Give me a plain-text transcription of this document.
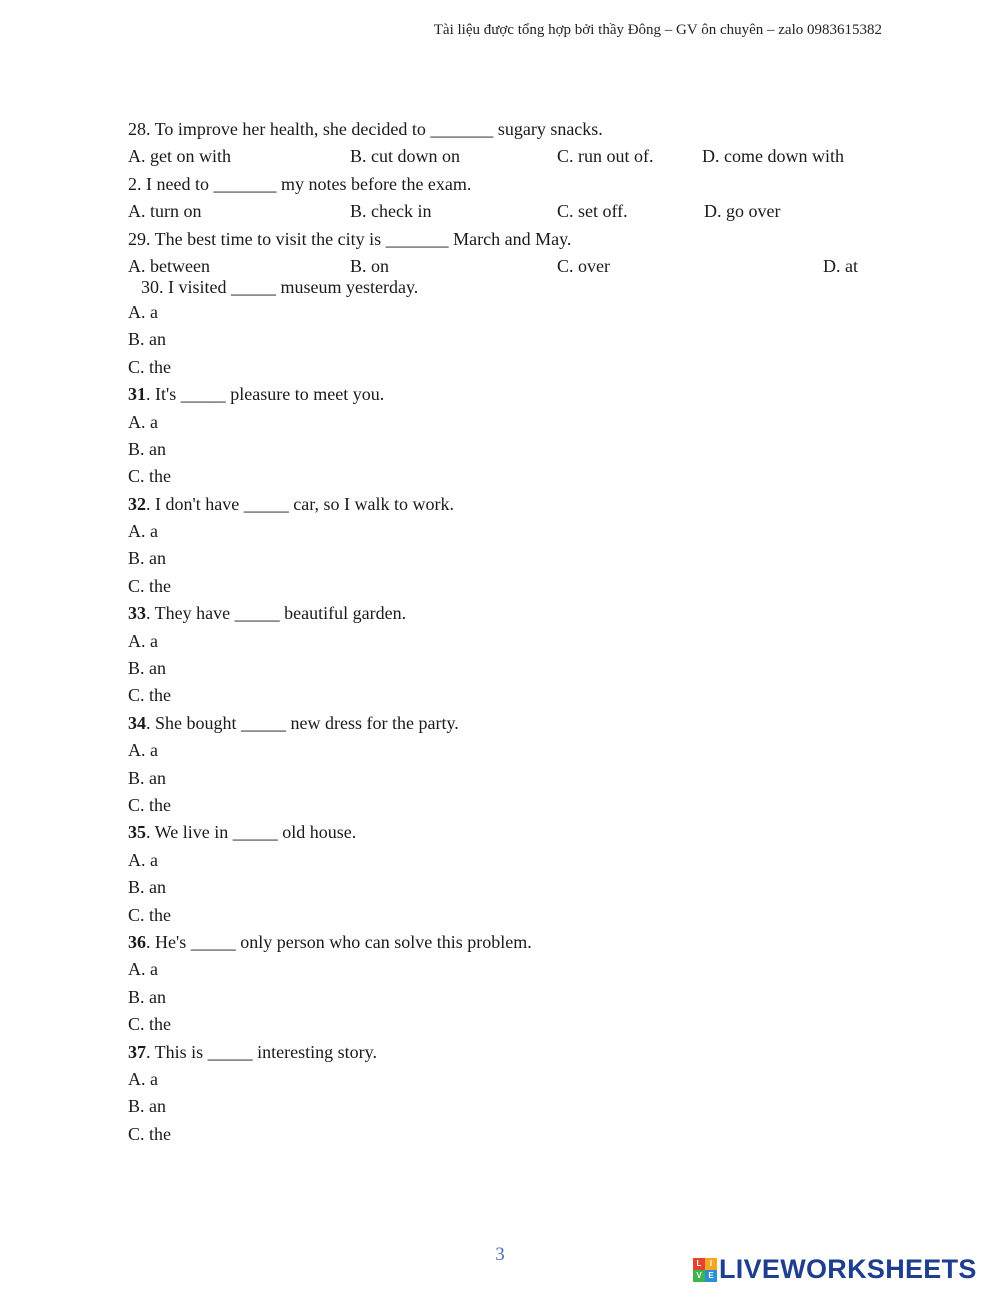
Tài liệu được tổng hợp bởi thầy Đông – GV ôn chuyên – zalo 0983615382
28. To improve her health, she decided to _______ sugary snacks.
A. get on with	B. cut down on	C. run out of.	D. come down with
2. I need to _______ my notes before the exam.
A. turn on	B. check in	C. set off.	D. go over
29. The best time to visit the city is _______ March and May.
A. between	B. on	C. over	D. at
30. I visited _____ museum yesterday.
A. a
B. an
C. the
31. It's _____ pleasure to meet you.
A. a
B. an
C. the
32. I don't have _____ car, so I walk to work.
A. a
B. an
C. the
33. They have _____ beautiful garden.
A. a
B. an
C. the
34. She bought _____ new dress for the party.
A. a
B. an
C. the
35. We live in _____ old house.
A. a
B. an
C. the
36. He's _____ only person who can solve this problem.
A. a
B. an
C. the
37. This is _____ interesting story.
A. a
B. an
C. the
3	L	I
V E LIVEWORKSHEETS
